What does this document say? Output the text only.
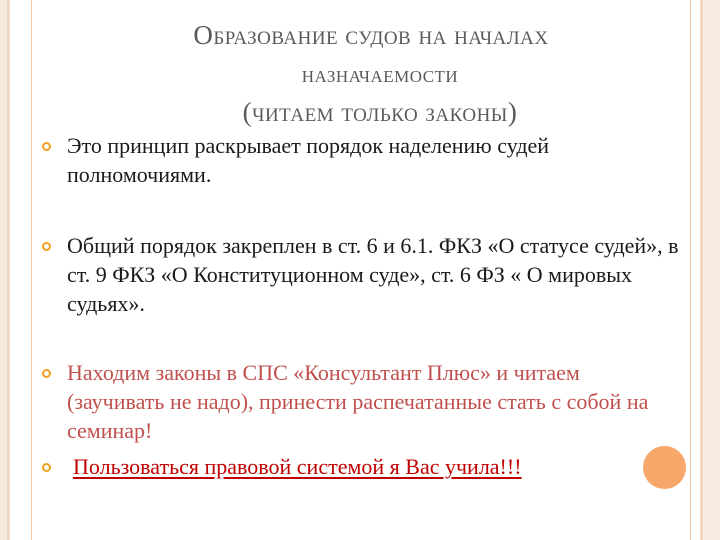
Образование судов на началах
назначаемости
(читаем только законы)
Это принцип раскрывает порядок наделению судей полномочиями.
Общий порядок закреплен в ст. 6 и 6.1. ФКЗ «О статусе судей», в ст. 9 ФКЗ «О Конституционном суде», ст. 6 ФЗ « О мировых судьях».
Находим законы в СПС «Консультант Плюс» и читаем (заучивать не надо), принести распечатанные стать с собой на семинар!
Пользоваться правовой системой я Вас учила!!!
